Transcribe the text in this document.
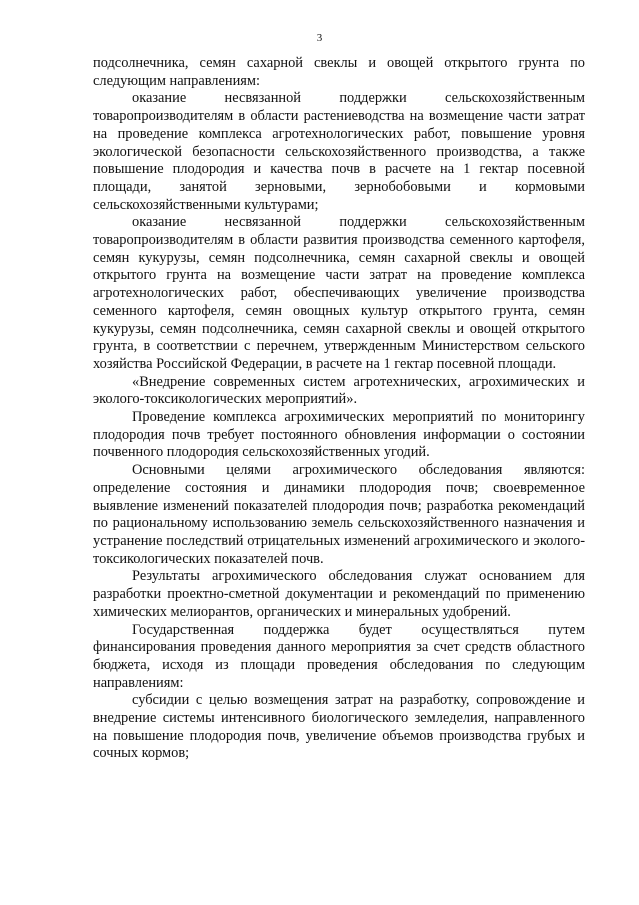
3

подсолнечника, семян сахарной свеклы и овощей открытого грунта по следующим направлениям:

оказание несвязанной поддержки сельскохозяйственным товаропроизводителям в области растениеводства на возмещение части затрат на проведение комплекса агротехнологических работ, повышение уровня экологической безопасности сельскохозяйственного производства, а также повышение плодородия и качества почв в расчете на 1 гектар посевной площади, занятой зерновыми, зернобобовыми и кормовыми сельскохозяйственными культурами;

оказание несвязанной поддержки сельскохозяйственным товаропроизводителям в области развития производства семенного картофеля, семян кукурузы, семян подсолнечника, семян сахарной свеклы и овощей открытого грунта на возмещение части затрат на проведение комплекса агротехнологических работ, обеспечивающих увеличение производства семенного картофеля, семян овощных культур открытого грунта, семян кукурузы, семян подсолнечника, семян сахарной свеклы и овощей открытого грунта, в соответствии с перечнем, утвержденным Министерством сельского хозяйства Российской Федерации, в расчете на 1 гектар посевной площади.

«Внедрение современных систем агротехнических, агрохимических и эколого-токсикологических мероприятий».

Проведение комплекса агрохимических мероприятий по мониторингу плодородия почв требует постоянного обновления информации о состоянии почвенного плодородия сельскохозяйственных угодий.

Основными целями агрохимического обследования являются: определение состояния и динамики плодородия почв; своевременное выявление изменений показателей плодородия почв; разработка рекомендаций по рациональному использованию земель сельскохозяйственного назначения и устранение последствий отрицательных изменений агрохимического и эколого-токсикологических показателей почв.

Результаты агрохимического обследования служат основанием для разработки проектно-сметной документации и рекомендаций по применению химических мелиорантов, органических и минеральных удобрений.

Государственная поддержка будет осуществляться путем финансирования проведения данного мероприятия за счет средств областного бюджета, исходя из площади проведения обследования по следующим направлениям:

субсидии с целью возмещения затрат на разработку, сопровождение и внедрение системы интенсивного биологического земледелия, направленного на повышение плодородия почв, увеличение объемов производства грубых и сочных кормов;
